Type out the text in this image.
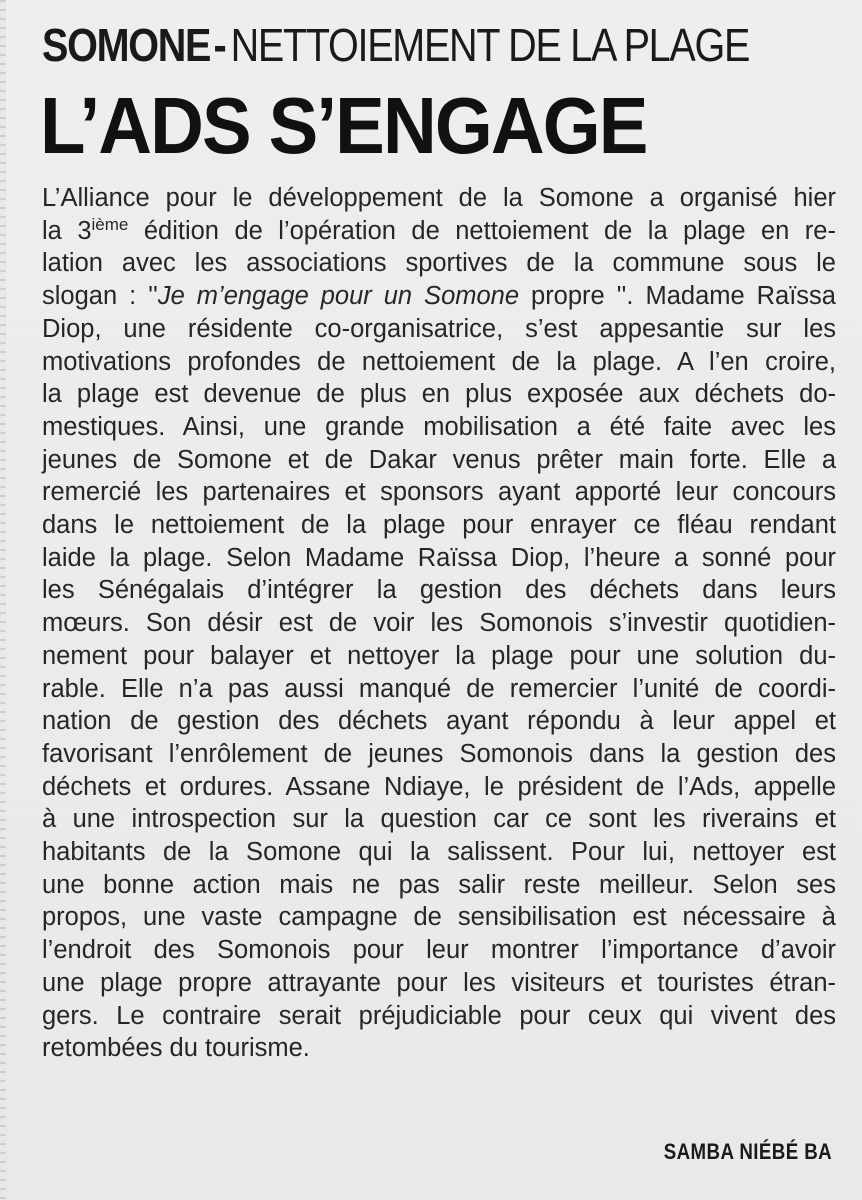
SOMONE- NETTOIEMENT DE LA PLAGE
L’ADS S’ENGAGE
L’Alliance pour le développement de la Somone a organisé hier
la 3ième édition de l’opération de nettoiement de la plage en re-
lation avec les associations sportives de la commune sous le
slogan : ''Je m’engage pour un Somone propre ''. Madame Raïssa
Diop, une résidente co-organisatrice, s’est appesantie sur les
motivations profondes de nettoiement de la plage. A l’en croire,
la plage est devenue de plus en plus exposée aux déchets do-
mestiques. Ainsi, une grande mobilisation a été faite avec les
jeunes de Somone et de Dakar venus prêter main forte. Elle a
remercié les partenaires et sponsors ayant apporté leur concours
dans le nettoiement de la plage pour enrayer ce fléau rendant
laide la plage. Selon Madame Raïssa Diop, l’heure a sonné pour
les Sénégalais d’intégrer la gestion des déchets dans leurs
mœurs. Son désir est de voir les Somonois s’investir quotidien-
nement pour balayer et nettoyer la plage pour une solution du-
rable. Elle n’a pas aussi manqué de remercier l’unité de coordi-
nation de gestion des déchets ayant répondu à leur appel et
favorisant l’enrôlement de jeunes Somonois dans la gestion des
déchets et ordures. Assane Ndiaye, le président de l’Ads, appelle
à une introspection sur la question car ce sont les riverains et
habitants de la Somone qui la salissent. Pour lui, nettoyer est
une bonne action mais ne pas salir reste meilleur. Selon ses
propos, une vaste campagne de sensibilisation est nécessaire à
l’endroit des Somonois pour leur montrer l’importance d’avoir
une plage propre attrayante pour les visiteurs et touristes étran-
gers. Le contraire serait préjudiciable pour ceux qui vivent des
retombées du tourisme.
SAMBA NIÉBÉ BA
